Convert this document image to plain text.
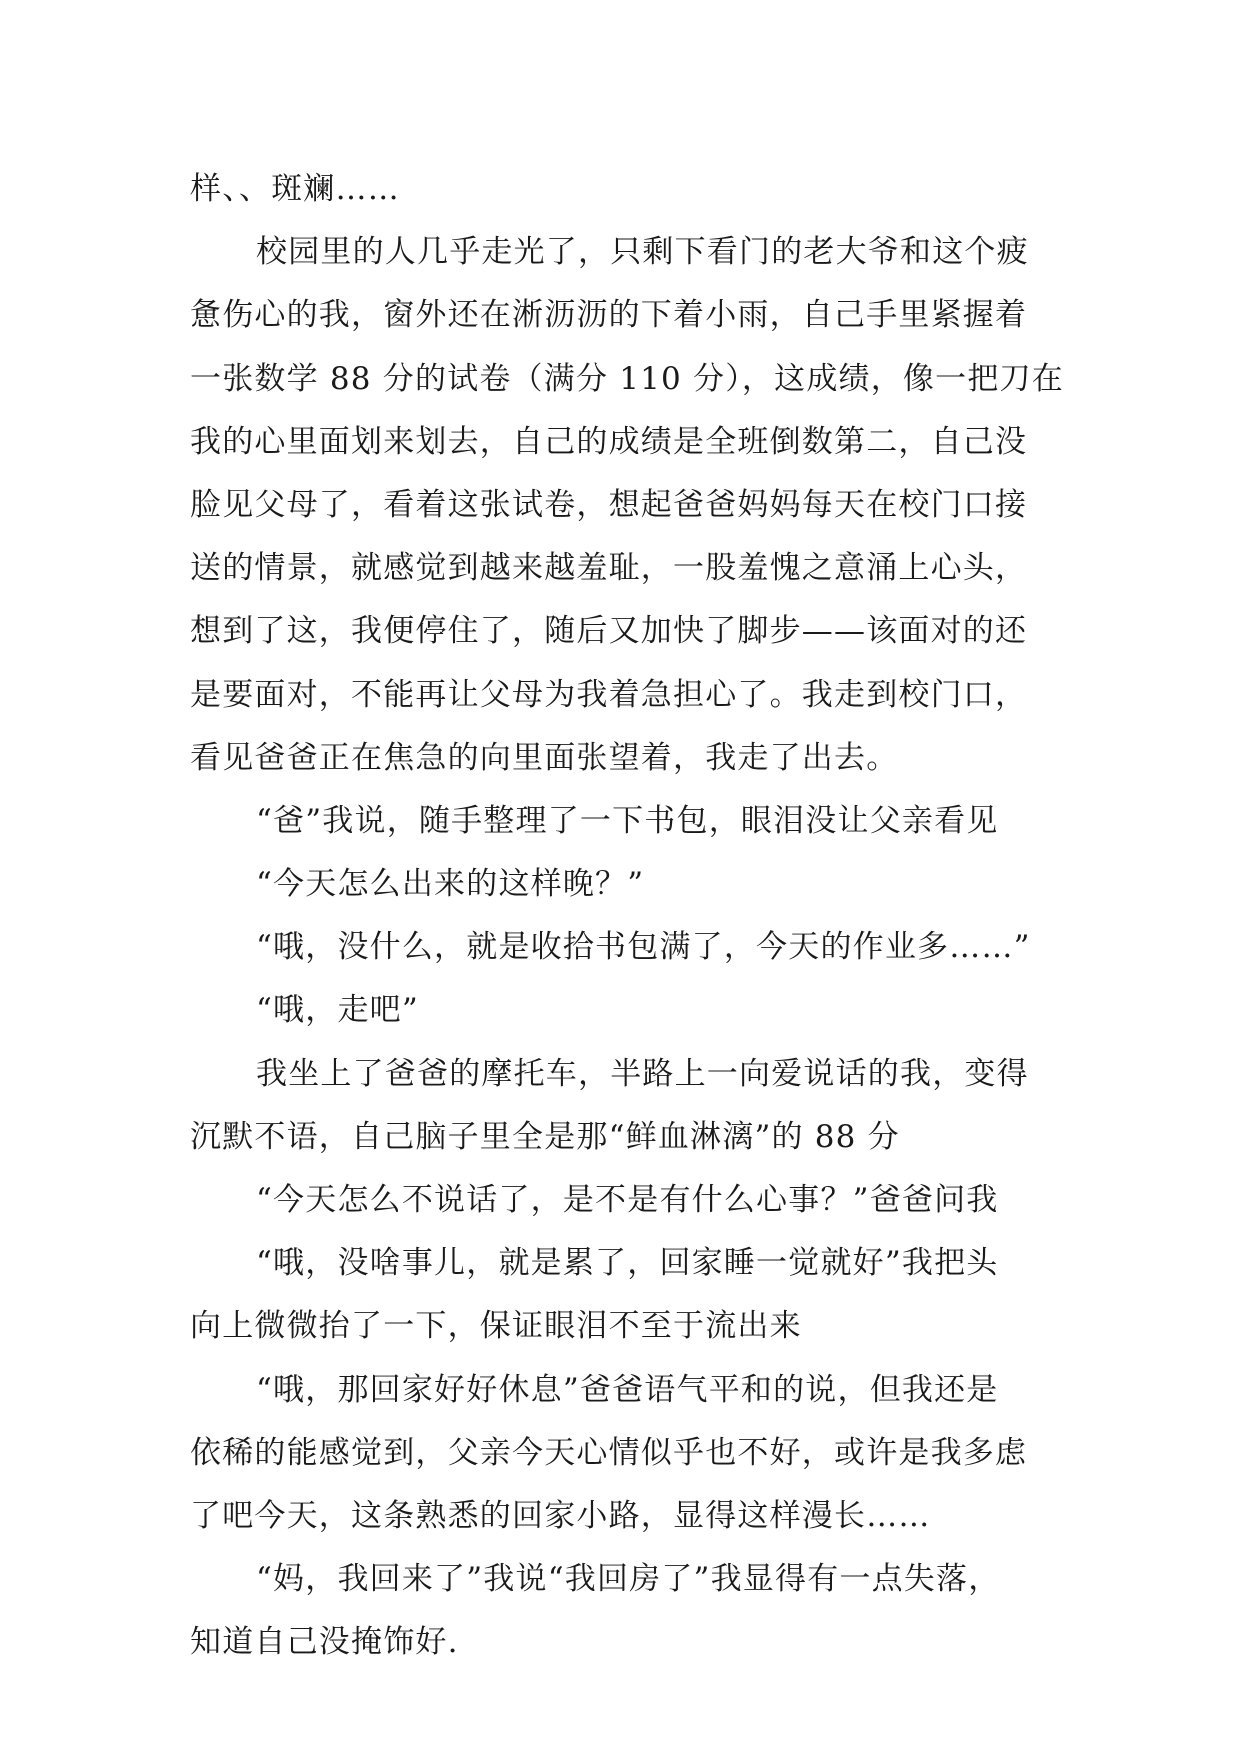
样、、斑斓……
校园里的人几乎走光了，只剩下看门的老大爷和这个疲
惫伤心的我，窗外还在淅沥沥的下着小雨，自己手里紧握着
一张数学 88 分的试卷（满分 110 分），这成绩，像一把刀在
我的心里面划来划去，自己的成绩是全班倒数第二，自己没
脸见父母了，看着这张试卷，想起爸爸妈妈每天在校门口接
送的情景，就感觉到越来越羞耻，一股羞愧之意涌上心头，
想到了这，我便停住了，随后又加快了脚步——该面对的还
是要面对，不能再让父母为我着急担心了。我走到校门口，
看见爸爸正在焦急的向里面张望着，我走了出去。
“爸”我说，随手整理了一下书包，眼泪没让父亲看见
“今天怎么出来的这样晚？”
“哦，没什么，就是收拾书包满了，今天的作业多……”
“哦，走吧”
我坐上了爸爸的摩托车，半路上一向爱说话的我，变得
沉默不语，自己脑子里全是那“鲜血淋漓”的 88 分
“今天怎么不说话了，是不是有什么心事？”爸爸问我
“哦，没啥事儿，就是累了，回家睡一觉就好”我把头
向上微微抬了一下，保证眼泪不至于流出来
“哦，那回家好好休息”爸爸语气平和的说，但我还是
依稀的能感觉到，父亲今天心情似乎也不好，或许是我多虑
了吧今天，这条熟悉的回家小路，显得这样漫长……
“妈，我回来了”我说“我回房了”我显得有一点失落，
知道自己没掩饰好.
